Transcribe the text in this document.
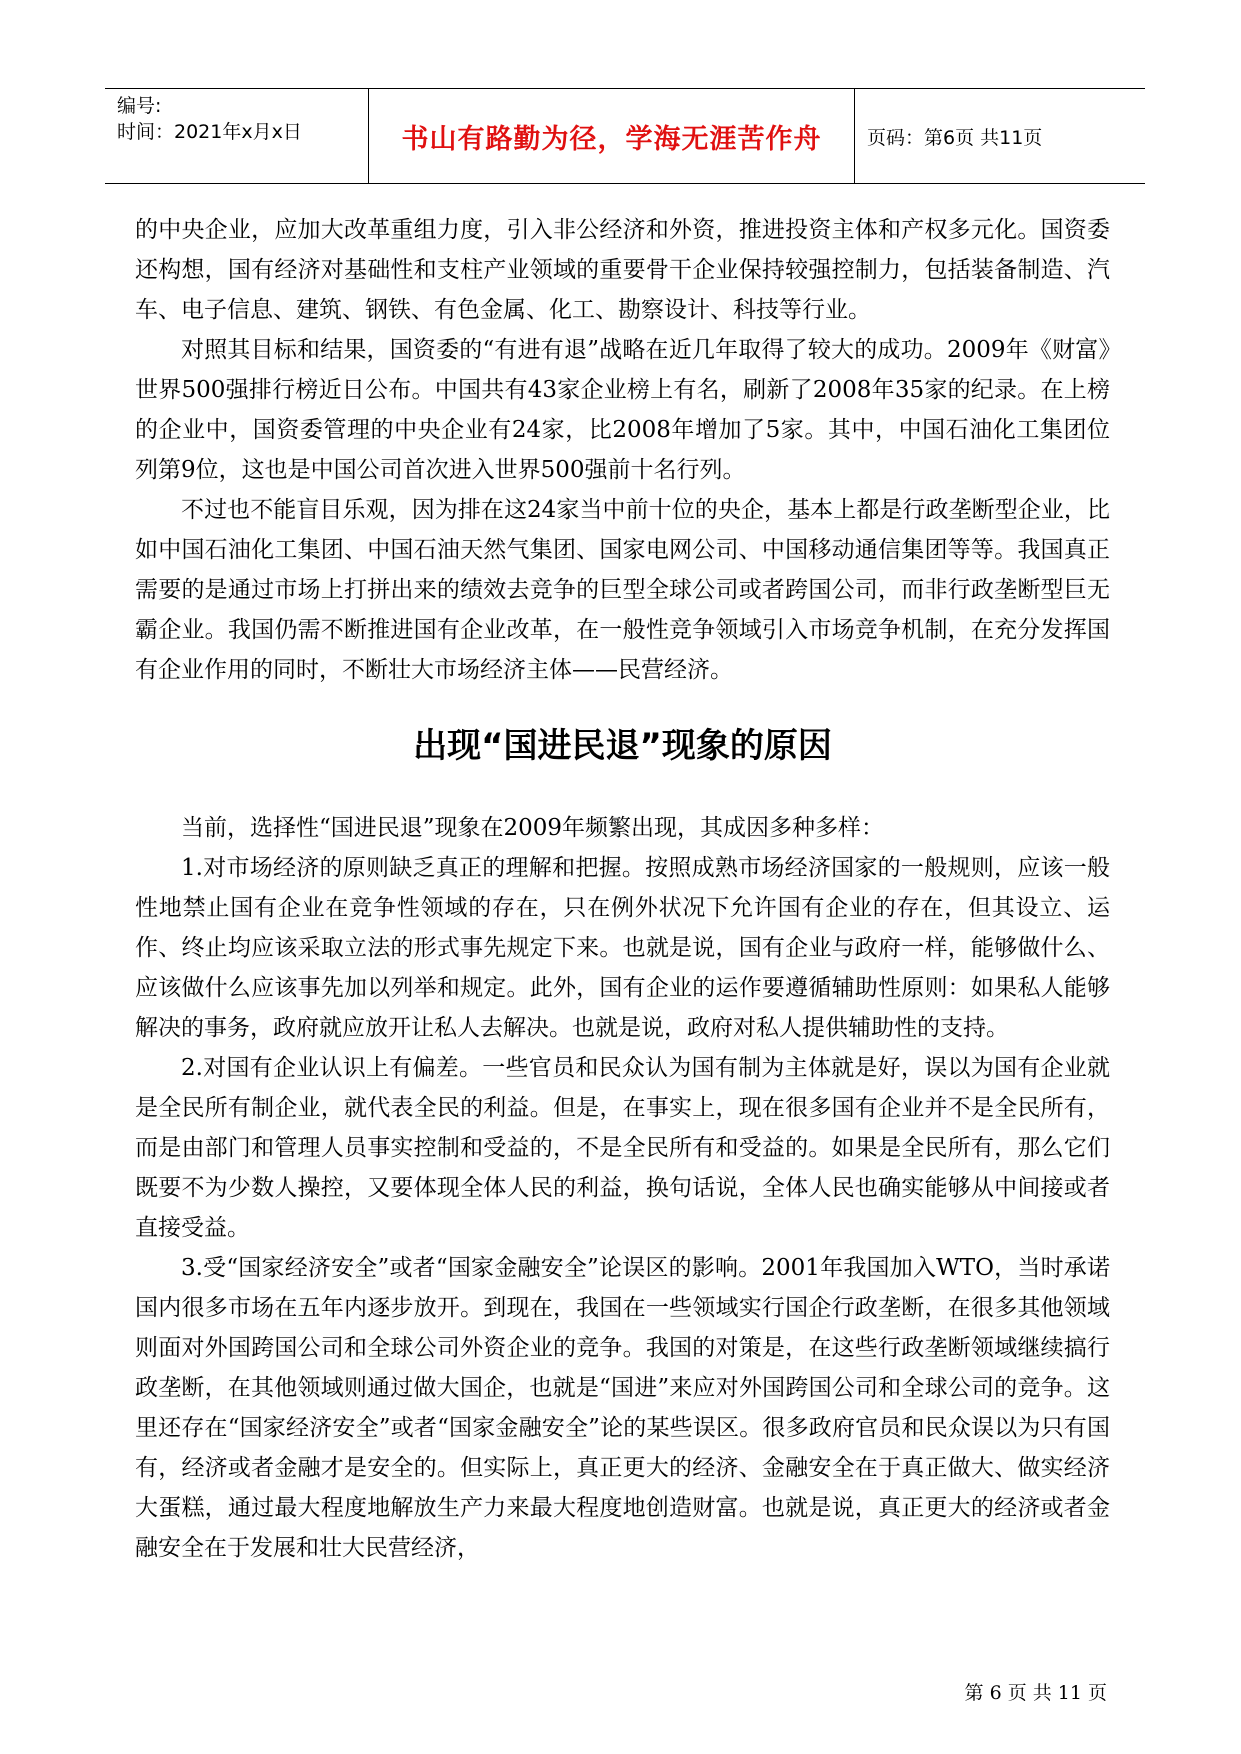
编号:
时间：2021年x月x日	书山有路勤为径，学海无涯苦作舟	页码：第6页 共11页

的中央企业，应加大改革重组力度，引入非公经济和外资，推进投资主体和产权多元化。国资委还构想，国有经济对基础性和支柱产业领域的重要骨干企业保持较强控制力，包括装备制造、汽车、电子信息、建筑、钢铁、有色金属、化工、勘察设计、科技等行业。

对照其目标和结果，国资委的“有进有退”战略在近几年取得了较大的成功。2009年《财富》世界500强排行榜近日公布。中国共有43家企业榜上有名，刷新了2008年35家的纪录。在上榜的企业中，国资委管理的中央企业有24家，比2008年增加了5家。其中，中国石油化工集团位列第9位，这也是中国公司首次进入世界500强前十名行列。

不过也不能盲目乐观，因为排在这24家当中前十位的央企，基本上都是行政垄断型企业，比如中国石油化工集团、中国石油天然气集团、国家电网公司、中国移动通信集团等等。我国真正需要的是通过市场上打拼出来的绩效去竞争的巨型全球公司或者跨国公司，而非行政垄断型巨无霸企业。我国仍需不断推进国有企业改革，在一般性竞争领域引入市场竞争机制，在充分发挥国有企业作用的同时，不断壮大市场经济主体——民营经济。

出现“国进民退”现象的原因

当前，选择性“国进民退”现象在2009年频繁出现，其成因多种多样：

1.对市场经济的原则缺乏真正的理解和把握。按照成熟市场经济国家的一般规则，应该一般性地禁止国有企业在竞争性领域的存在，只在例外状况下允许国有企业的存在，但其设立、运作、终止均应该采取立法的形式事先规定下来。也就是说，国有企业与政府一样，能够做什么、应该做什么应该事先加以列举和规定。此外，国有企业的运作要遵循辅助性原则：如果私人能够解决的事务，政府就应放开让私人去解决。也就是说，政府对私人提供辅助性的支持。

2.对国有企业认识上有偏差。一些官员和民众认为国有制为主体就是好，误以为国有企业就是全民所有制企业，就代表全民的利益。但是，在事实上，现在很多国有企业并不是全民所有，而是由部门和管理人员事实控制和受益的，不是全民所有和受益的。如果是全民所有，那么它们既要不为少数人操控，又要体现全体人民的利益，换句话说，全体人民也确实能够从中间接或者直接受益。

3.受“国家经济安全”或者“国家金融安全”论误区的影响。2001年我国加入WTO，当时承诺国内很多市场在五年内逐步放开。到现在，我国在一些领域实行国企行政垄断，在很多其他领域则面对外国跨国公司和全球公司外资企业的竞争。我国的对策是，在这些行政垄断领域继续搞行政垄断，在其他领域则通过做大国企，也就是“国进”来应对外国跨国公司和全球公司的竞争。这里还存在“国家经济安全”或者“国家金融安全”论的某些误区。很多政府官员和民众误以为只有国有，经济或者金融才是安全的。但实际上，真正更大的经济、金融安全在于真正做大、做实经济大蛋糕，通过最大程度地解放生产力来最大程度地创造财富。也就是说，真正更大的经济或者金融安全在于发展和壮大民营经济，

第 6 页 共 11 页
